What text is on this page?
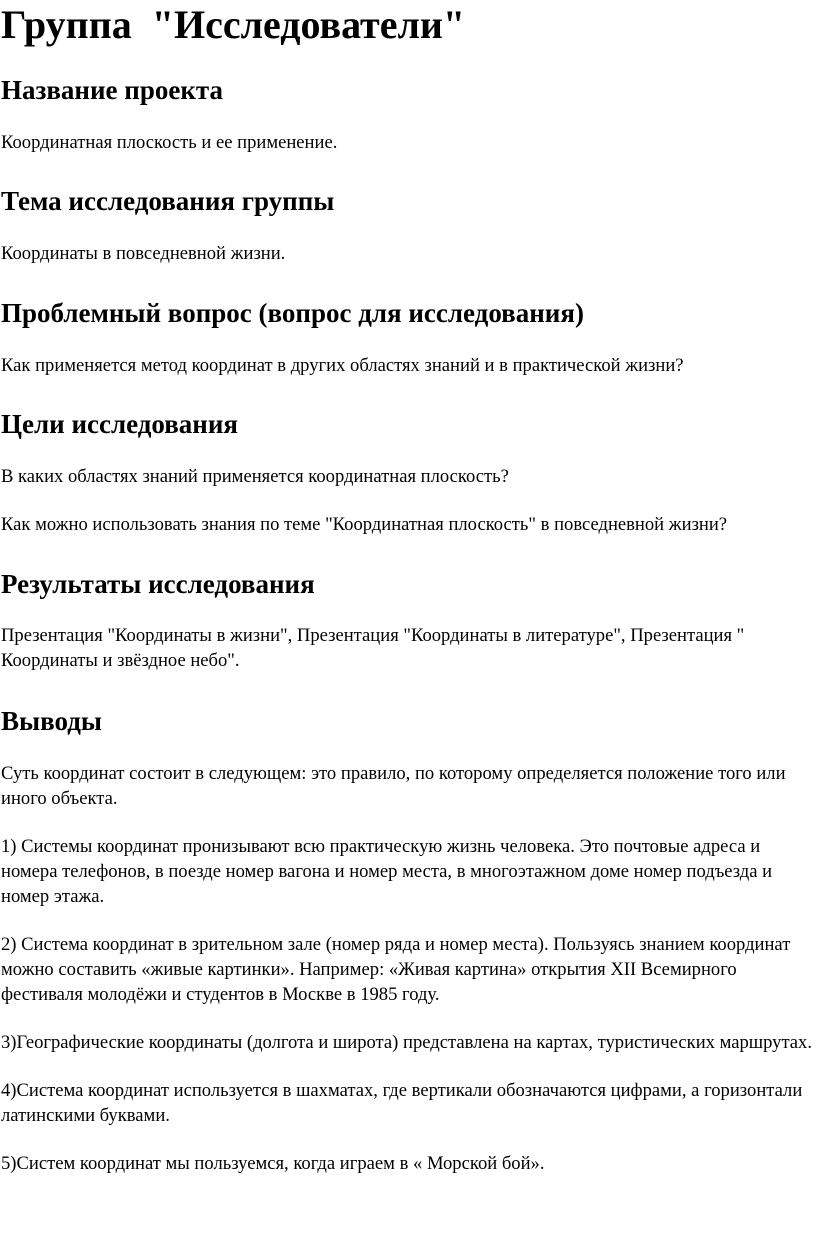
Группа  "Исследователи"
Название проекта

Координатная плоскость и ее применение.

Тема исследования группы

Координаты в повседневной жизни.

Проблемный вопрос (вопрос для исследования)

Как применяется метод координат в других областях знаний и в практической жизни?

Цели исследования

В каких областях знаний применяется координатная плоскость?

Как можно использовать знания по теме "Координатная плоскость" в повседневной жизни?

Результаты исследования

Презентация "Координаты в жизни", Презентация "Координаты в литературе", Презентация " Координаты и звёздное небо".

Выводы

Суть координат состоит в следующем: это правило, по которому определяется положение того или иного объекта.

1) Системы координат пронизывают всю практическую жизнь человека. Это почтовые адреса и номера телефонов, в поезде номер вагона и номер места, в многоэтажном доме номер подъезда и номер этажа.

2) Система координат в зрительном зале (номер ряда и номер места). Пользуясь знанием координат можно составить «живые картинки». Например: «Живая картина» открытия XII Всемирного фестиваля молодёжи и студентов в Москве в 1985 году.

3)Географические координаты (долгота и широта) представлена на картах, туристических маршрутах.

4)Система координат используется в шахматах, где вертикали обозначаются цифрами, а горизонтали латинскими буквами.

5)Систем координат мы пользуемся, когда играем в « Морской бой».
